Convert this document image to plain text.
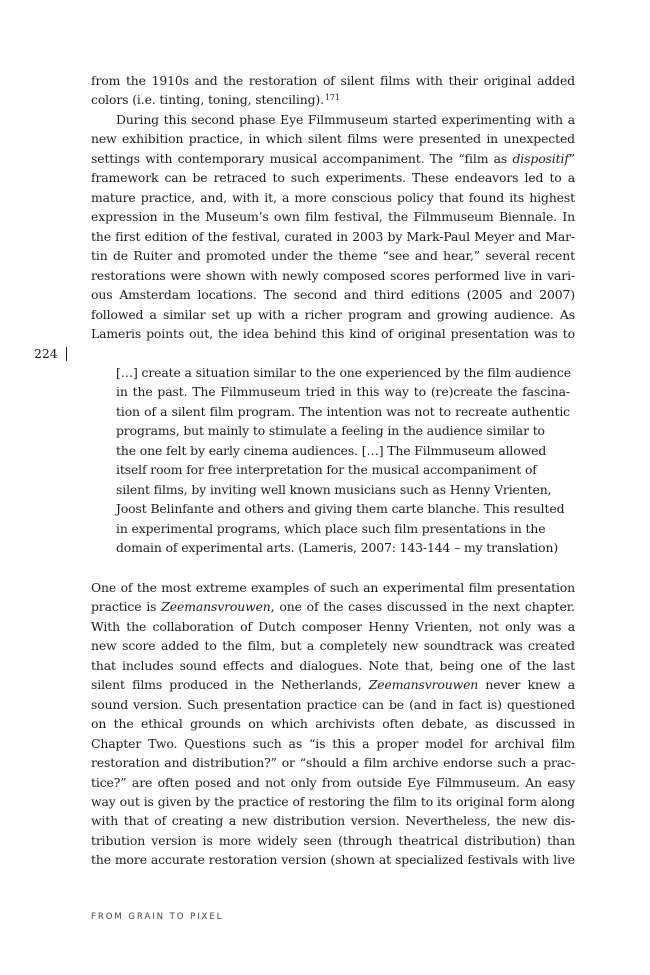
from the 1910s and the restoration of silent films with their original added
colors (i.e. tinting, toning, stenciling).$^{171}$
During this second phase Eye Filmmuseum started experimenting with a
new exhibition practice, in which silent films were presented in unexpected
settings with contemporary musical accompaniment. The “film as dispositif”
framework can be retraced to such experiments. These endeavors led to a
mature practice, and, with it, a more conscious policy that found its highest
expression in the Museum’s own film festival, the Filmmuseum Biennale. In
the first edition of the festival, curated in 2003 by Mark-Paul Meyer and Mar-
tin de Ruiter and promoted under the theme “see and hear,” several recent
restorations were shown with newly composed scores performed live in vari-
ous Amsterdam locations. The second and third editions (2005 and 2007)
followed a similar set up with a richer program and growing audience. As
Lameris points out, the idea behind this kind of original presentation was to
[…] create a situation similar to the one experienced by the film audience
in the past. The Filmmuseum tried in this way to (re)create the fascina-
tion of a silent film program. The intention was not to recreate authentic
programs, but mainly to stimulate a feeling in the audience similar to
the one felt by early cinema audiences. […] The Filmmuseum allowed
itself room for free interpretation for the musical accompaniment of
silent films, by inviting well known musicians such as Henny Vrienten,
Joost Belinfante and others and giving them carte blanche. This resulted
in experimental programs, which place such film presentations in the
domain of experimental arts. (Lameris, 2007: 143-144 – my translation)
One of the most extreme examples of such an experimental film presentation
practice is Zeemansvrouwen, one of the cases discussed in the next chapter.
With the collaboration of Dutch composer Henny Vrienten, not only was a
new score added to the film, but a completely new soundtrack was created
that includes sound effects and dialogues. Note that, being one of the last
silent films produced in the Netherlands, Zeemansvrouwen never knew a
sound version. Such presentation practice can be (and in fact is) questioned
on the ethical grounds on which archivists often debate, as discussed in
Chapter Two. Questions such as “is this a proper model for archival film
restoration and distribution?” or “should a film archive endorse such a prac-
tice?” are often posed and not only from outside Eye Filmmuseum. An easy
way out is given by the practice of restoring the film to its original form along
with that of creating a new distribution version. Nevertheless, the new dis-
tribution version is more widely seen (through theatrical distribution) than
the more accurate restoration version (shown at specialized festivals with live
224
FROM GRAIN TO PIXEL
